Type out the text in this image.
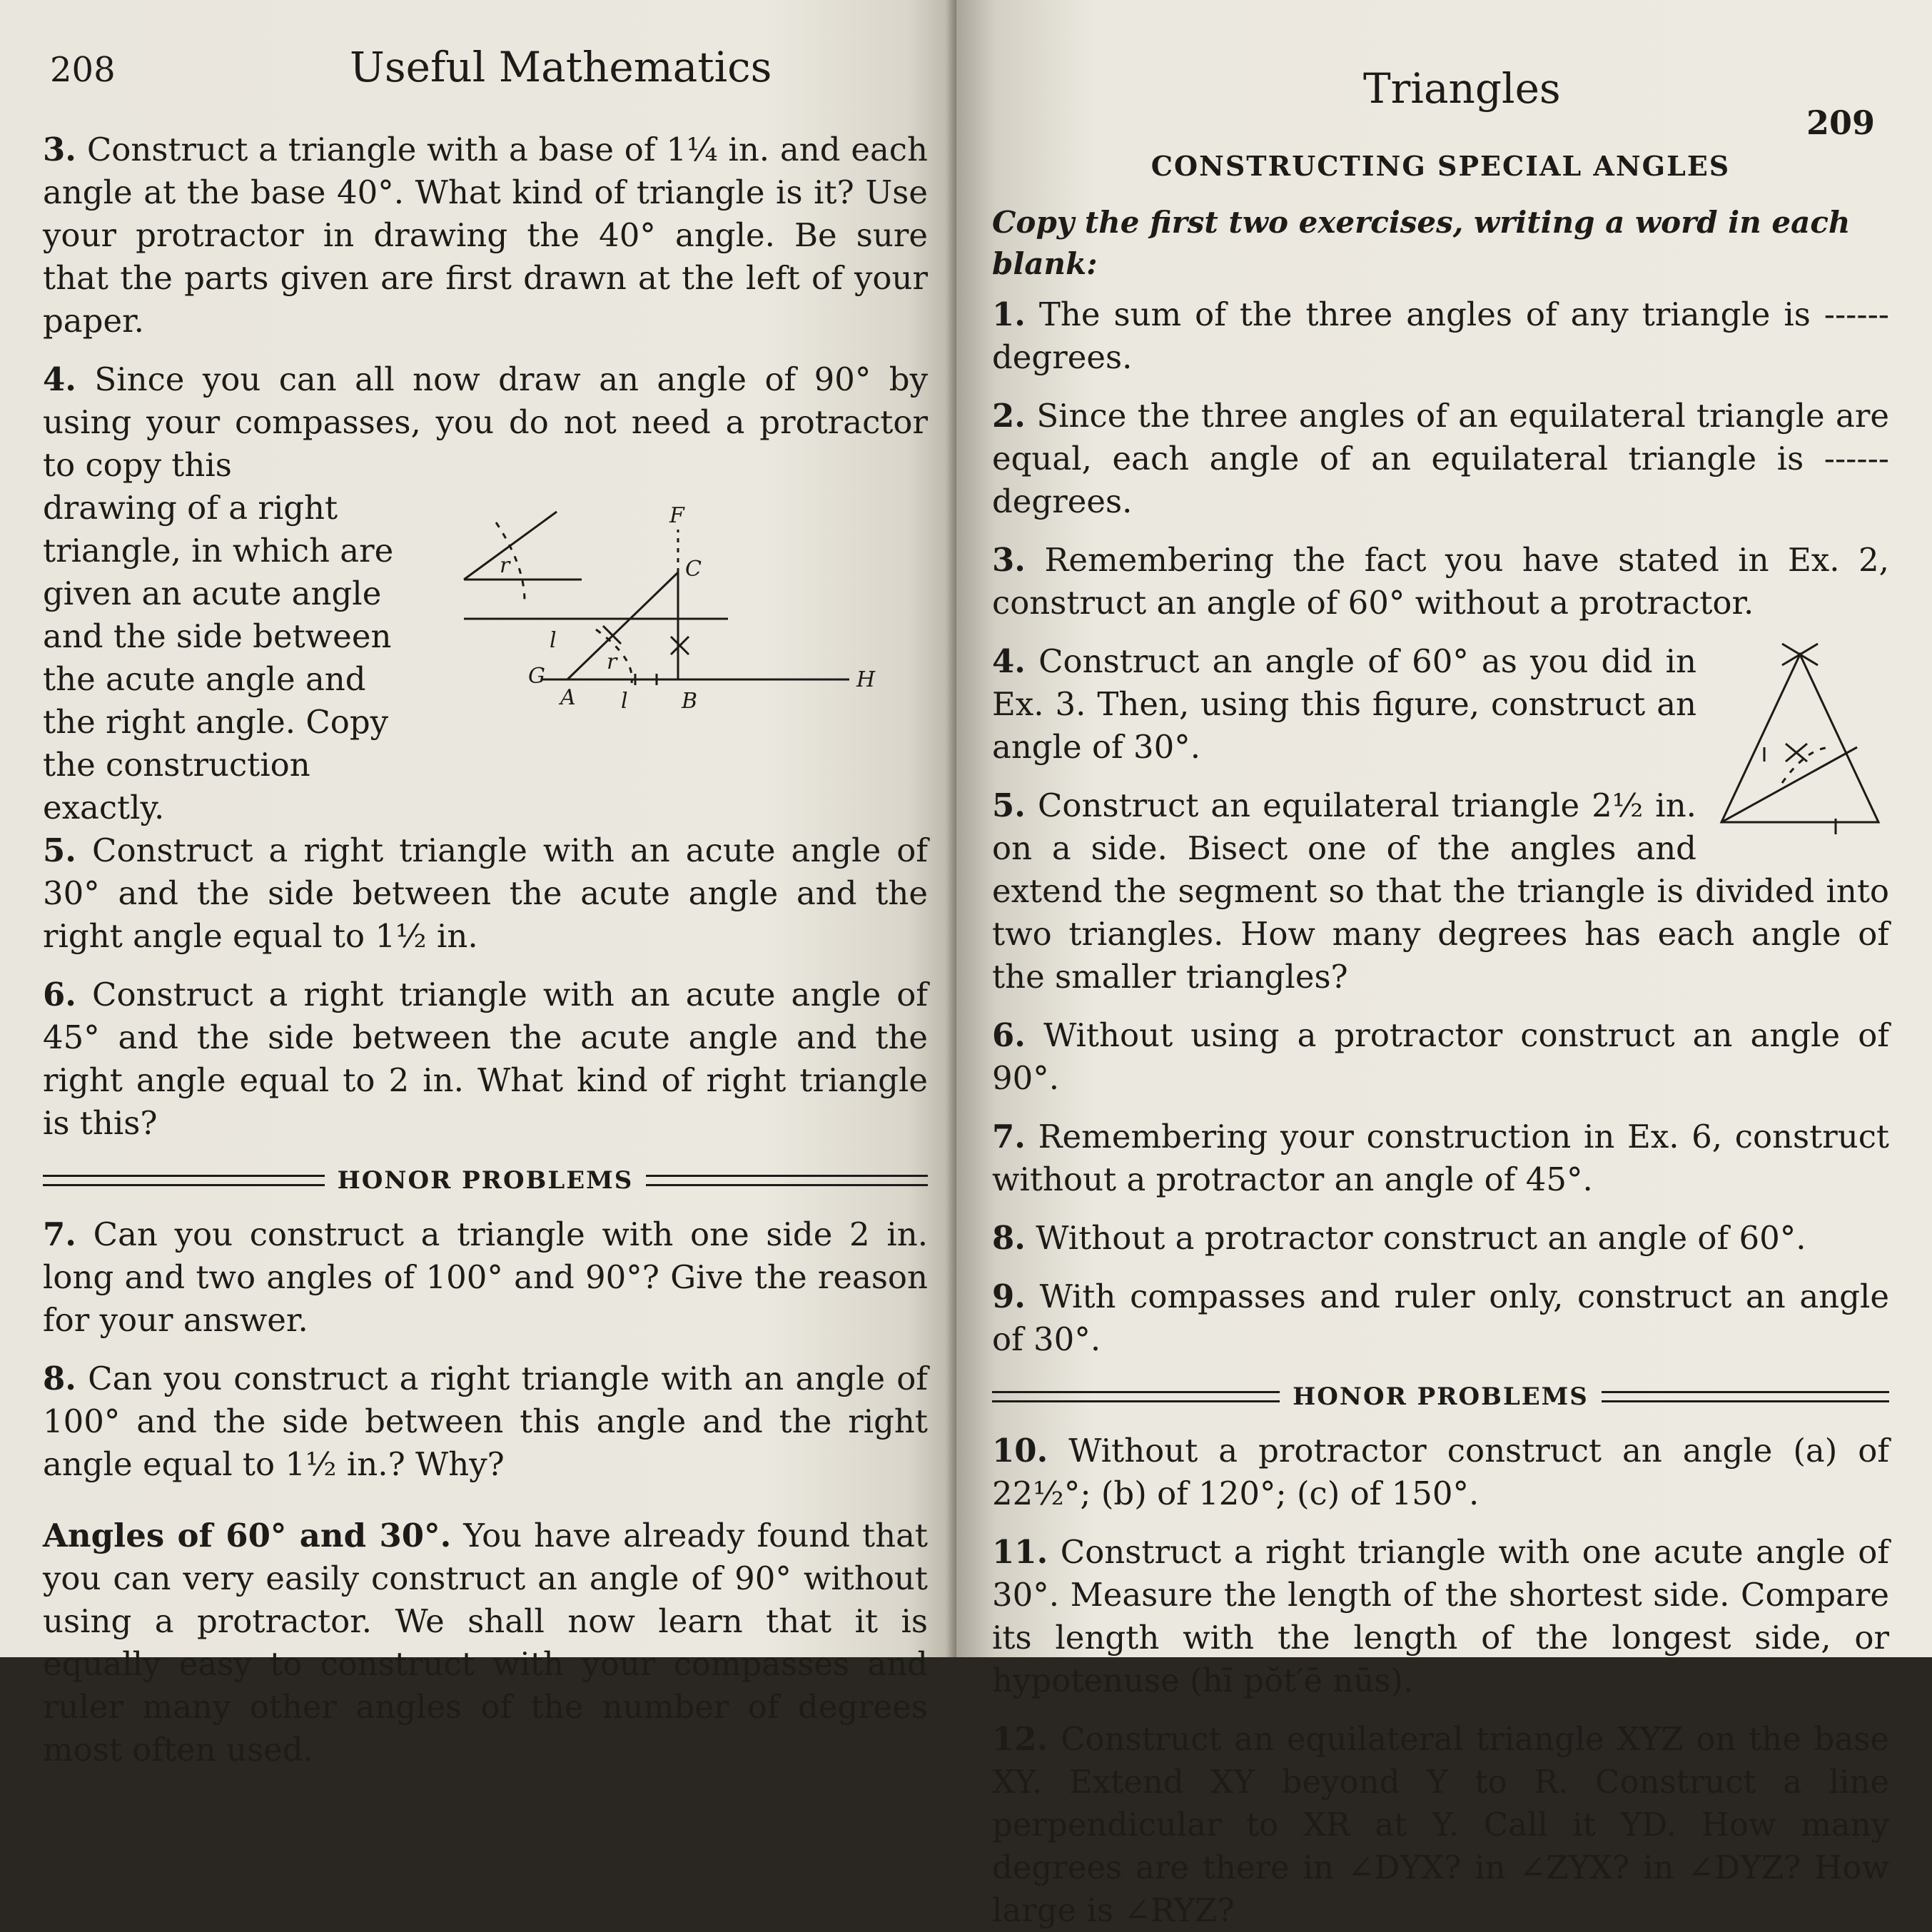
208	Useful Mathematics

3. Construct a triangle with a base of 1¼ in. and each angle at the base 40°. What kind of triangle is it? Use your protractor in drawing the 40° angle. Be sure that the parts given are first drawn at the left of your paper.

4. Since you can all now draw an angle of 90° by using your compasses, you do not need a protractor to copy this

drawing of a right triangle, in which are given an acute angle and the side between the acute angle and the right angle. Copy the construction exactly.
r
l
F
C
G
A
r
l	B
H

5. Construct a right triangle with an acute angle of 30° and the side between the acute angle and the right angle equal to 1½ in.

6. Construct a right triangle with an acute angle of 45° and the side between the acute angle and the right angle equal to 2 in. What kind of right triangle is this?

HONOR PROBLEMS

7. Can you construct a triangle with one side 2 in. long and two angles of 100° and 90°? Give the reason for your answer.

8. Can you construct a right triangle with an angle of 100° and the side between this angle and the right angle equal to 1½ in.? Why?

Angles of 60° and 30°. You have already found that you can very easily construct an angle of 90° without using a protractor. We shall now learn that it is equally easy to construct with your compasses and ruler many other angles of the number of degrees most often used.

Triangles
209
CONSTRUCTING SPECIAL ANGLES
Copy the first two exercises, writing a word in each blank:

1. The sum of the three angles of any triangle is ------ degrees.

2. Since the three angles of an equilateral triangle are equal, each angle of an equilateral triangle is ------ degrees.

3. Remembering the fact you have stated in Ex. 2, construct an angle of 60° without a protractor.

4. Construct an angle of 60° as you did in Ex. 3. Then, using this figure, construct an angle of 30°.

5. Construct an equilateral triangle 2½ in. on a side. Bisect one of the angles and extend the segment so that the triangle is divided into two triangles. How many degrees has each angle of the smaller triangles?

6. Without using a protractor construct an angle of 90°.

7. Remembering your construction in Ex. 6, construct without a protractor an angle of 45°.

8. Without a protractor construct an angle of 60°.

9. With compasses and ruler only, construct an angle of 30°.

HONOR PROBLEMS

10. Without a protractor construct an angle (a) of 22½°; (b) of 120°; (c) of 150°.

11. Construct a right triangle with one acute angle of 30°. Measure the length of the shortest side. Compare its length with the length of the longest side, or hypotenuse (hī pŏt′ē nūs).

12. Construct an equilateral triangle XYZ on the base XY. Extend XY beyond Y to R. Construct a line perpendicular to XR at Y. Call it YD. How many degrees are there in ∠DYX? in ∠ZYX? in ∠DYZ? How large is ∠RYZ?
